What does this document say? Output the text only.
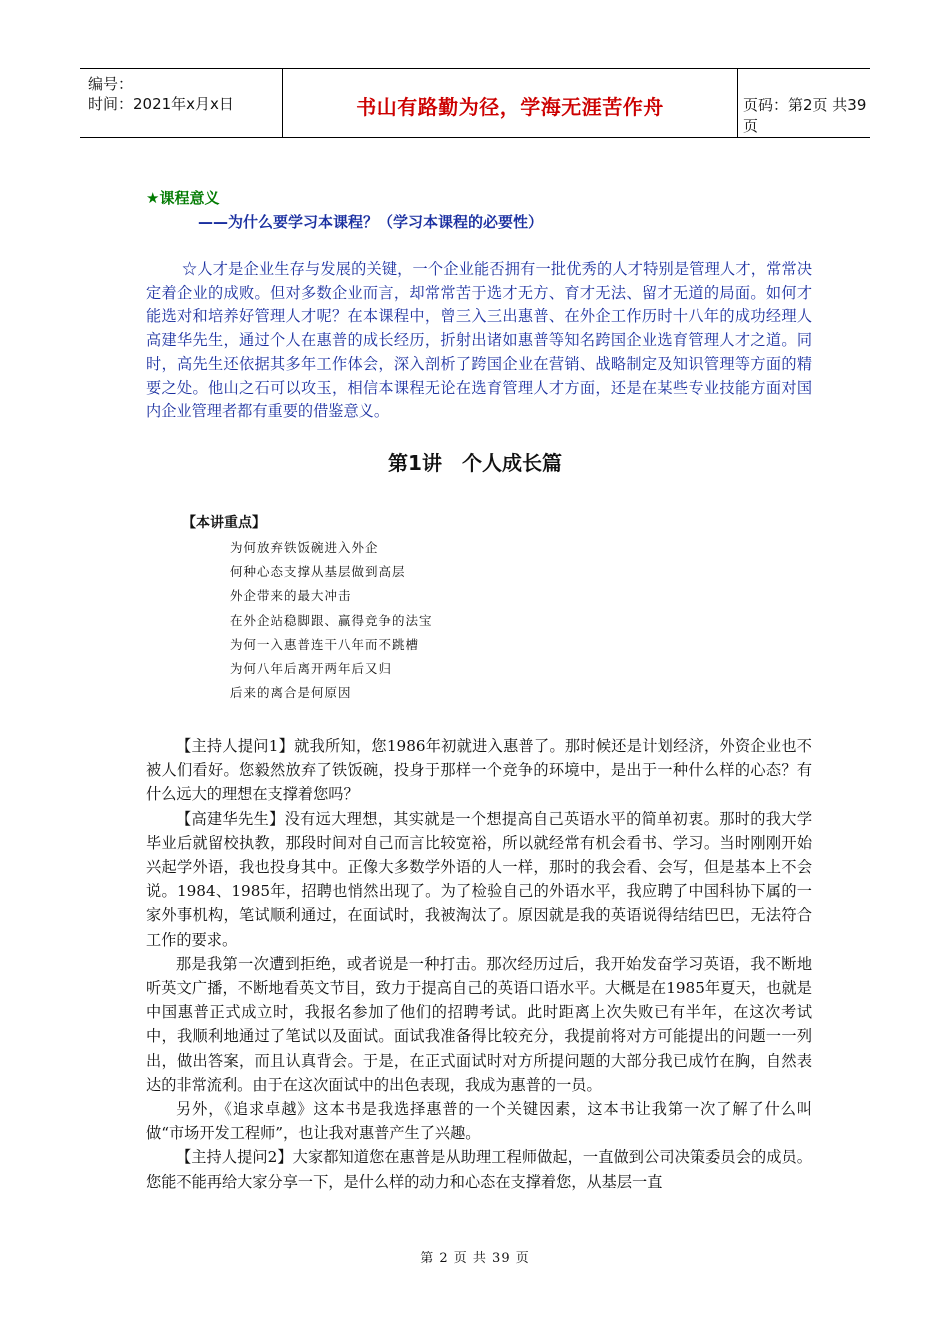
编号：
时间：2021年x月x日	书山有路勤为径，学海无涯苦作舟	页码：第2页 共39页
★课程意义
——为什么要学习本课程？（学习本课程的必要性）

☆人才是企业生存与发展的关键，一个企业能否拥有一批优秀的人才特别是管理人才，常常决定着企业的成败。但对多数企业而言，却常常苦于选才无方、育才无法、留才无道的局面。如何才能选对和培养好管理人才呢？在本课程中，曾三入三出惠普、在外企工作历时十八年的成功经理人高建华先生，通过个人在惠普的成长经历，折射出诸如惠普等知名跨国企业选育管理人才之道。同时，高先生还依据其多年工作体会，深入剖析了跨国企业在营销、战略制定及知识管理等方面的精要之处。他山之石可以攻玉，相信本课程无论在选育管理人才方面，还是在某些专业技能方面对国内企业管理者都有重要的借鉴意义。

第1讲　个人成长篇
【本讲重点】
为何放弃铁饭碗进入外企
何种心态支撑从基层做到高层
外企带来的最大冲击
在外企站稳脚跟、赢得竞争的法宝
为何一入惠普连干八年而不跳槽
为何八年后离开两年后又归
后来的离合是何原因

【主持人提问1】就我所知，您1986年初就进入惠普了。那时候还是计划经济，外资企业也不被人们看好。您毅然放弃了铁饭碗，投身于那样一个竞争的环境中，是出于一种什么样的心态？有什么远大的理想在支撑着您吗？

【高建华先生】没有远大理想，其实就是一个想提高自己英语水平的简单初衷。那时的我大学毕业后就留校执教，那段时间对自己而言比较宽裕，所以就经常有机会看书、学习。当时刚刚开始兴起学外语，我也投身其中。正像大多数学外语的人一样，那时的我会看、会写，但是基本上不会说。1984、1985年，招聘也悄然出现了。为了检验自己的外语水平，我应聘了中国科协下属的一家外事机构，笔试顺利通过，在面试时，我被淘汰了。原因就是我的英语说得结结巴巴，无法符合工作的要求。

那是我第一次遭到拒绝，或者说是一种打击。那次经历过后，我开始发奋学习英语，我不断地听英文广播，不断地看英文节目，致力于提高自己的英语口语水平。大概是在1985年夏天，也就是中国惠普正式成立时，我报名参加了他们的招聘考试。此时距离上次失败已有半年，在这次考试中，我顺利地通过了笔试以及面试。面试我准备得比较充分，我提前将对方可能提出的问题一一列出，做出答案，而且认真背会。于是，在正式面试时对方所提问题的大部分我已成竹在胸，自然表达的非常流利。由于在这次面试中的出色表现，我成为惠普的一员。

另外，《追求卓越》这本书是我选择惠普的一个关键因素，这本书让我第一次了解了什么叫做“市场开发工程师”，也让我对惠普产生了兴趣。

【主持人提问2】大家都知道您在惠普是从助理工程师做起，一直做到公司决策委员会的成员。您能不能再给大家分享一下，是什么样的动力和心态在支撑着您，从基层一直

第 2 页 共 39 页
